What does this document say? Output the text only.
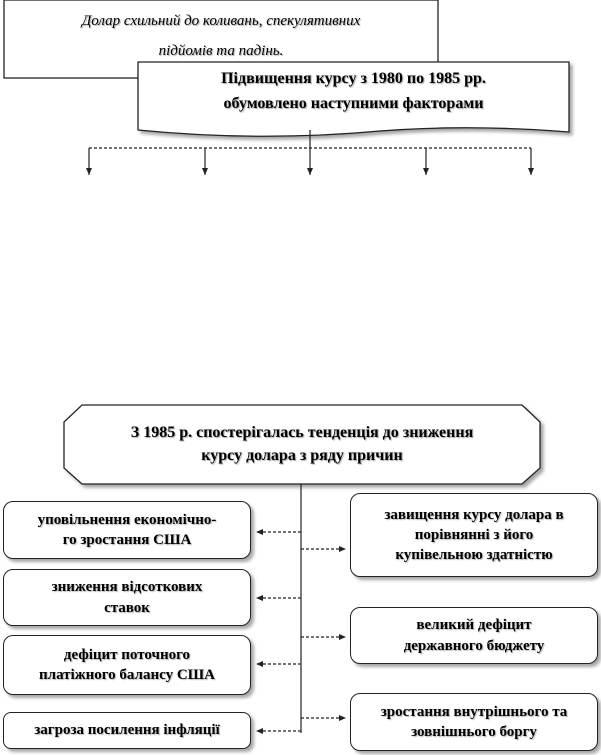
Долар схильний до коливань, спекулятивних
підйомів та падінь.
Підвищення курсу з 1980 по 1985 рр.
обумовлено наступними факторами
З 1985 р. спостерігалась тенденція до зниження
курсу долара з ряду причин
уповільнення економічно-
го зростання США
зниження відсоткових
ставок
дефіцит поточного
платіжного балансу США
загроза посилення інфляції
завищення курсу долара в
порівнянні з його
купівельною здатністю
великий дефіцит
державного бюджету
зростання внутрішнього та
зовнішнього боргу
